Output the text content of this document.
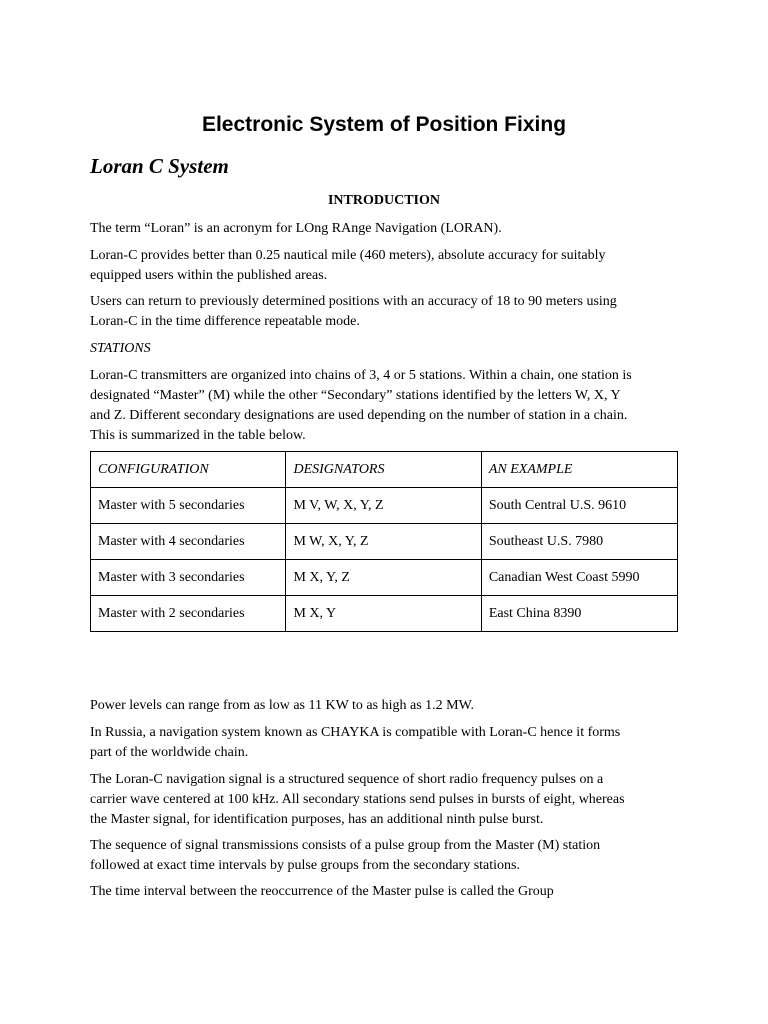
Electronic System of Position Fixing
Loran C System
INTRODUCTION

The term “Loran” is an acronym for LOng RAnge Navigation (LORAN).

Loran-C provides better than 0.25 nautical mile (460 meters), absolute accuracy for suitably
equipped users within the published areas.

Users can return to previously determined positions with an accuracy of 18 to 90 meters using
Loran-C in the time difference repeatable mode.

STATIONS

Loran-C transmitters are organized into chains of 3, 4 or 5 stations. Within a chain, one station is
designated “Master” (M) while the other “Secondary” stations identified by the letters W, X, Y
and Z. Different secondary designations are used depending on the number of station in a chain.
This is summarized in the table below.

CONFIGURATION	DESIGNATORS	AN EXAMPLE
Master with 5 secondaries	M V, W, X, Y, Z	South Central U.S. 9610
Master with 4 secondaries	M W, X, Y, Z	Southeast U.S. 7980
Master with 3 secondaries	M X, Y, Z	Canadian West Coast 5990
Master with 2 secondaries	M X, Y	East China 8390

Power levels can range from as low as 11 KW to as high as 1.2 MW.

In Russia, a navigation system known as CHAYKA is compatible with Loran-C hence it forms
part of the worldwide chain.

The Loran-C navigation signal is a structured sequence of short radio frequency pulses on a
carrier wave centered at 100 kHz. All secondary stations send pulses in bursts of eight, whereas
the Master signal, for identification purposes, has an additional ninth pulse burst.

The sequence of signal transmissions consists of a pulse group from the Master (M) station
followed at exact time intervals by pulse groups from the secondary stations.

The time interval between the reoccurrence of the Master pulse is called the Group
